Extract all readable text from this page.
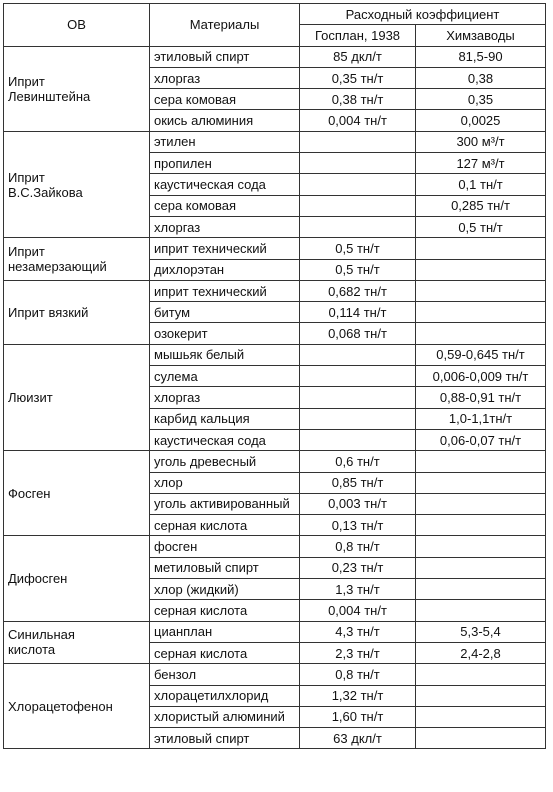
ОВ	Материалы	Расходный коэффициент	
		Госплан, 1938	Химзаводы

Иприт
Левинштейна	этиловый спирт	85 дкл/т	81,5-90
	хлоргаз	0,35 тн/т	0,38
	сера комовая	0,38 тн/т	0,35
	окись алюминия	0,004 тн/т	0,0025

Иприт
В.С.Зайкова	этилен		300 м³/т
	пропилен		127 м³/т
	каустическая сода		0,1 тн/т
	сера комовая		0,285 тн/т
	хлоргаз		0,5 тн/т

Иприт
незамерзающий	иприт технический	0,5 тн/т	
	дихлорэтан	0,5 тн/т	

Иприт вязкий	иприт технический	0,682 тн/т	
	битум	0,114 тн/т	
	озокерит	0,068 тн/т	

Люизит	мышьяк белый		0,59-0,645 тн/т
	сулема		0,006-0,009 тн/т
	хлоргаз		0,88-0,91 тн/т
	карбид кальция		1,0-1,1тн/т
	каустическая сода		0,06-0,07 тн/т

Фосген	уголь древесный	0,6 тн/т	
	хлор	0,85 тн/т	
	уголь активированный	0,003 тн/т	
	серная кислота	0,13 тн/т	

Дифосген	фосген	0,8 тн/т	
	метиловый спирт	0,23 тн/т	
	хлор (жидкий)	1,3 тн/т	
	серная кислота	0,004 тн/т	

Синильная
кислота	цианплан	4,3 тн/т	5,3-5,4
	серная кислота	2,3 тн/т	2,4-2,8

Хлорацетофенон	бензол	0,8 тн/т	
	хлорацетилхлорид	1,32 тн/т	
	хлористый алюминий	1,60 тн/т	
	этиловый спирт	63 дкл/т	
